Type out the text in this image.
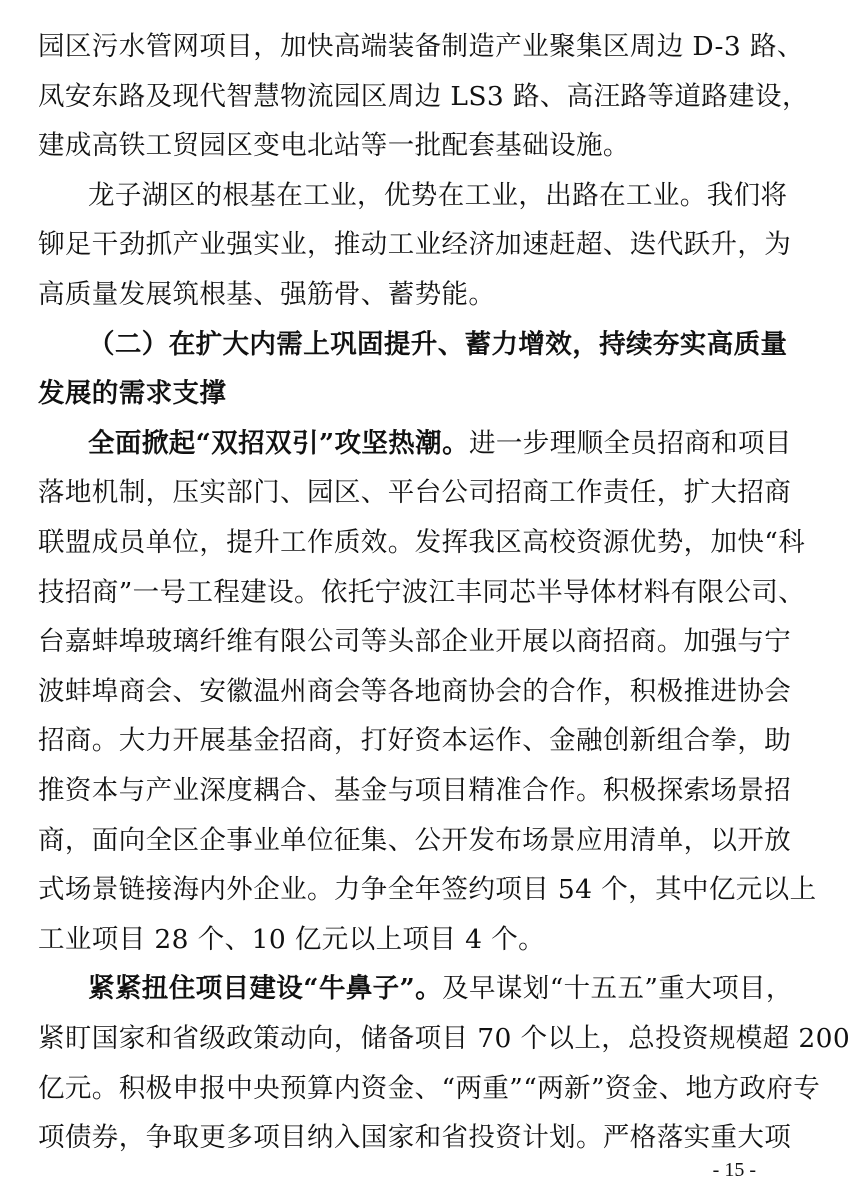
园区污水管网项目，加快高端装备制造产业聚集区周边 D-3 路、
凤安东路及现代智慧物流园区周边 LS3 路、高汪路等道路建设，
建成高铁工贸园区变电北站等一批配套基础设施。
龙子湖区的根基在工业，优势在工业，出路在工业。我们将
铆足干劲抓产业强实业，推动工业经济加速赶超、迭代跃升，为
高质量发展筑根基、强筋骨、蓄势能。
（二）在扩大内需上巩固提升、蓄力增效，持续夯实高质量
发展的需求支撑
全面掀起“双招双引”攻坚热潮。进一步理顺全员招商和项目
落地机制，压实部门、园区、平台公司招商工作责任，扩大招商
联盟成员单位，提升工作质效。发挥我区高校资源优势，加快“科
技招商”一号工程建设。依托宁波江丰同芯半导体材料有限公司、
台嘉蚌埠玻璃纤维有限公司等头部企业开展以商招商。加强与宁
波蚌埠商会、安徽温州商会等各地商协会的合作，积极推进协会
招商。大力开展基金招商，打好资本运作、金融创新组合拳，助
推资本与产业深度耦合、基金与项目精准合作。积极探索场景招
商，面向全区企事业单位征集、公开发布场景应用清单，以开放
式场景链接海内外企业。力争全年签约项目 54 个，其中亿元以上
工业项目 28 个、10 亿元以上项目 4 个。
紧紧扭住项目建设“牛鼻子”。及早谋划“十五五”重大项目，
紧盯国家和省级政策动向，储备项目 70 个以上，总投资规模超 200
亿元。积极申报中央预算内资金、“两重”“两新”资金、地方政府专
- 15 -
项债券，争取更多项目纳入国家和省投资计划。严格落实重大项
